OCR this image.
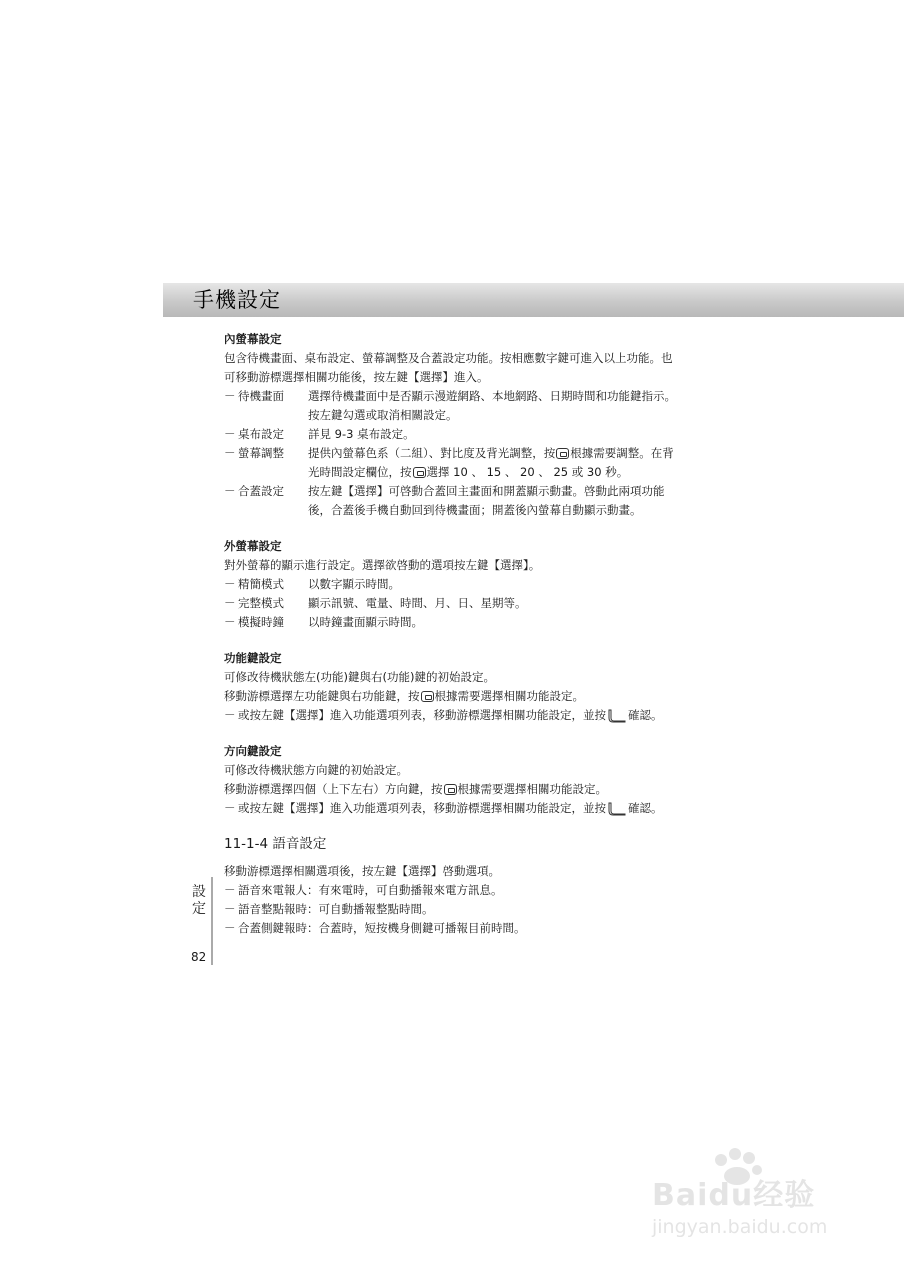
手機設定
內螢幕設定
包含待機畫面、桌布設定、螢幕調整及合蓋設定功能。按相應數字鍵可進入以上功能。也
可移動游標選擇相關功能後，按左鍵【選擇】進入。
－ 待機畫面	選擇待機畫面中是否顯示漫遊網路、本地網路、日期時間和功能鍵指示。
按左鍵勾選或取消相關設定。
－ 桌布設定	詳見 9-3 桌布設定。
－ 螢幕調整	提供內螢幕色系（二組）、對比度及背光調整，按 根據需要調整。在背
光時間設定欄位，按 選擇 10 、 15 、 20 、 25 或 30 秒。
－ 合蓋設定	按左鍵【選擇】可啓動合蓋回主畫面和開蓋顯示動畫。啓動此兩項功能
後，合蓋後手機自動回到待機畫面；開蓋後內螢幕自動顯示動畫。
外螢幕設定
對外螢幕的顯示進行設定。選擇欲啓動的選項按左鍵【選擇】。
－ 精簡模式	以數字顯示時間。
－ 完整模式	顯示訊號、電量、時間、月、日、星期等。
－ 模擬時鐘	以時鐘畫面顯示時間。
功能鍵設定
可修改待機狀態左(功能)鍵與右(功能)鍵的初始設定。
移動游標選擇左功能鍵與右功能鍵，按 根據需要選擇相關功能設定。
－ 或按左鍵【選擇】進入功能選項列表，移動游標選擇相關功能設定，並按 確認。
方向鍵設定
可修改待機狀態方向鍵的初始設定。
移動游標選擇四個（上下左右）方向鍵，按 根據需要選擇相關功能設定。
－ 或按左鍵【選擇】進入功能選項列表，移動游標選擇相關功能設定，並按 確認。
11-1-4 語音設定
移動游標選擇相關選項後，按左鍵【選擇】啓動選項。
－ 語音來電報人：有來電時，可自動播報來電方訊息。
－ 語音整點報時：可自動播報整點時間。
－ 合蓋側鍵報時：合蓋時，短按機身側鍵可播報目前時間。
設
定
82
Baidu经验
jingyan.baidu.com
